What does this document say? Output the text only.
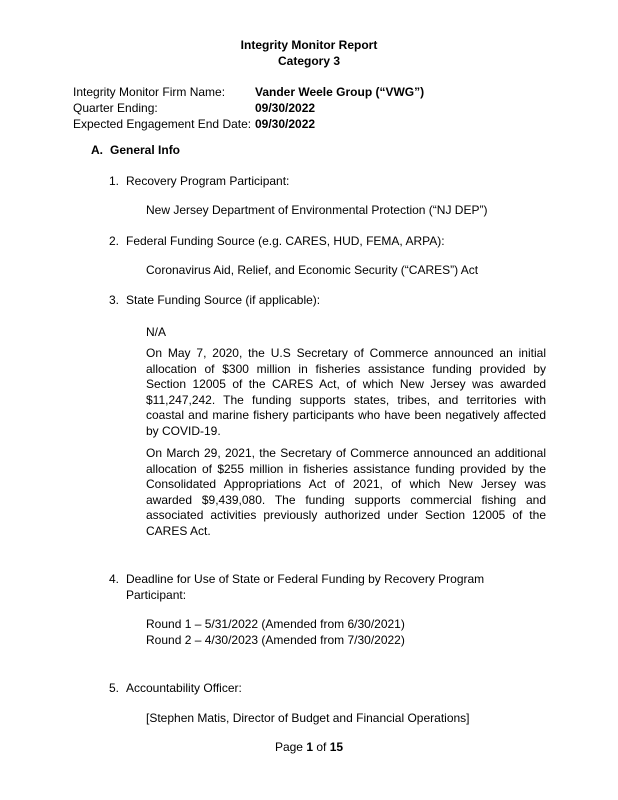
Integrity Monitor Report
Category 3
Integrity Monitor Firm Name:	Vander Weele Group (“VWG”)
Quarter Ending:	09/30/2022
Expected Engagement End Date: 09/30/2022
A. General Info
1. Recovery Program Participant:
New Jersey Department of Environmental Protection (“NJ DEP”)
2. Federal Funding Source (e.g. CARES, HUD, FEMA, ARPA):
Coronavirus Aid, Relief, and Economic Security (“CARES”) Act
3. State Funding Source (if applicable):
N/A
On May 7, 2020, the U.S Secretary of Commerce announced an initial allocation of $300 million in fisheries assistance funding provided by Section 12005 of the CARES Act, of which New Jersey was awarded $11,247,242. The funding supports states, tribes, and territories with coastal and marine fishery participants who have been negatively affected by COVID-19.
On March 29, 2021, the Secretary of Commerce announced an additional allocation of $255 million in fisheries assistance funding provided by the Consolidated Appropriations Act of 2021, of which New Jersey was awarded $9,439,080. The funding supports commercial fishing and associated activities previously authorized under Section 12005 of the CARES Act.
4. Deadline for Use of State or Federal Funding by Recovery Program Participant:
Round 1 – 5/31/2022 (Amended from 6/30/2021)
Round 2 – 4/30/2023 (Amended from 7/30/2022)
5. Accountability Officer:
[Stephen Matis, Director of Budget and Financial Operations]
Page 1 of 15
